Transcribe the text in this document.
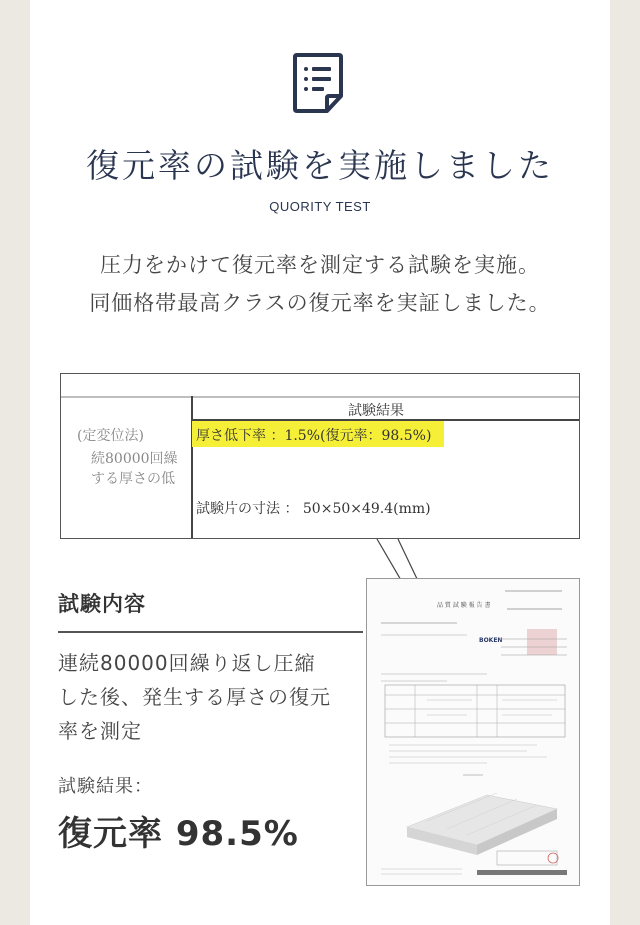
復元率の試験を実施しました
QUORITY TEST
圧力をかけて復元率を測定する試験を実施。
同価格帯最高クラスの復元率を実証しました。
試験結果
(定変位法)	厚さ低下率 ：1.5%(復元率：98.5%)
続80000回繰
する厚さの低
試験片の寸法 ： 50×50×49.4(mm)
試験内容
連続80000回繰り返し圧縮
した後、発生する厚さの復元
率を測定
試験結果：
復元率 98.5%
品 質 試 験 報 告 書
BOKEN
